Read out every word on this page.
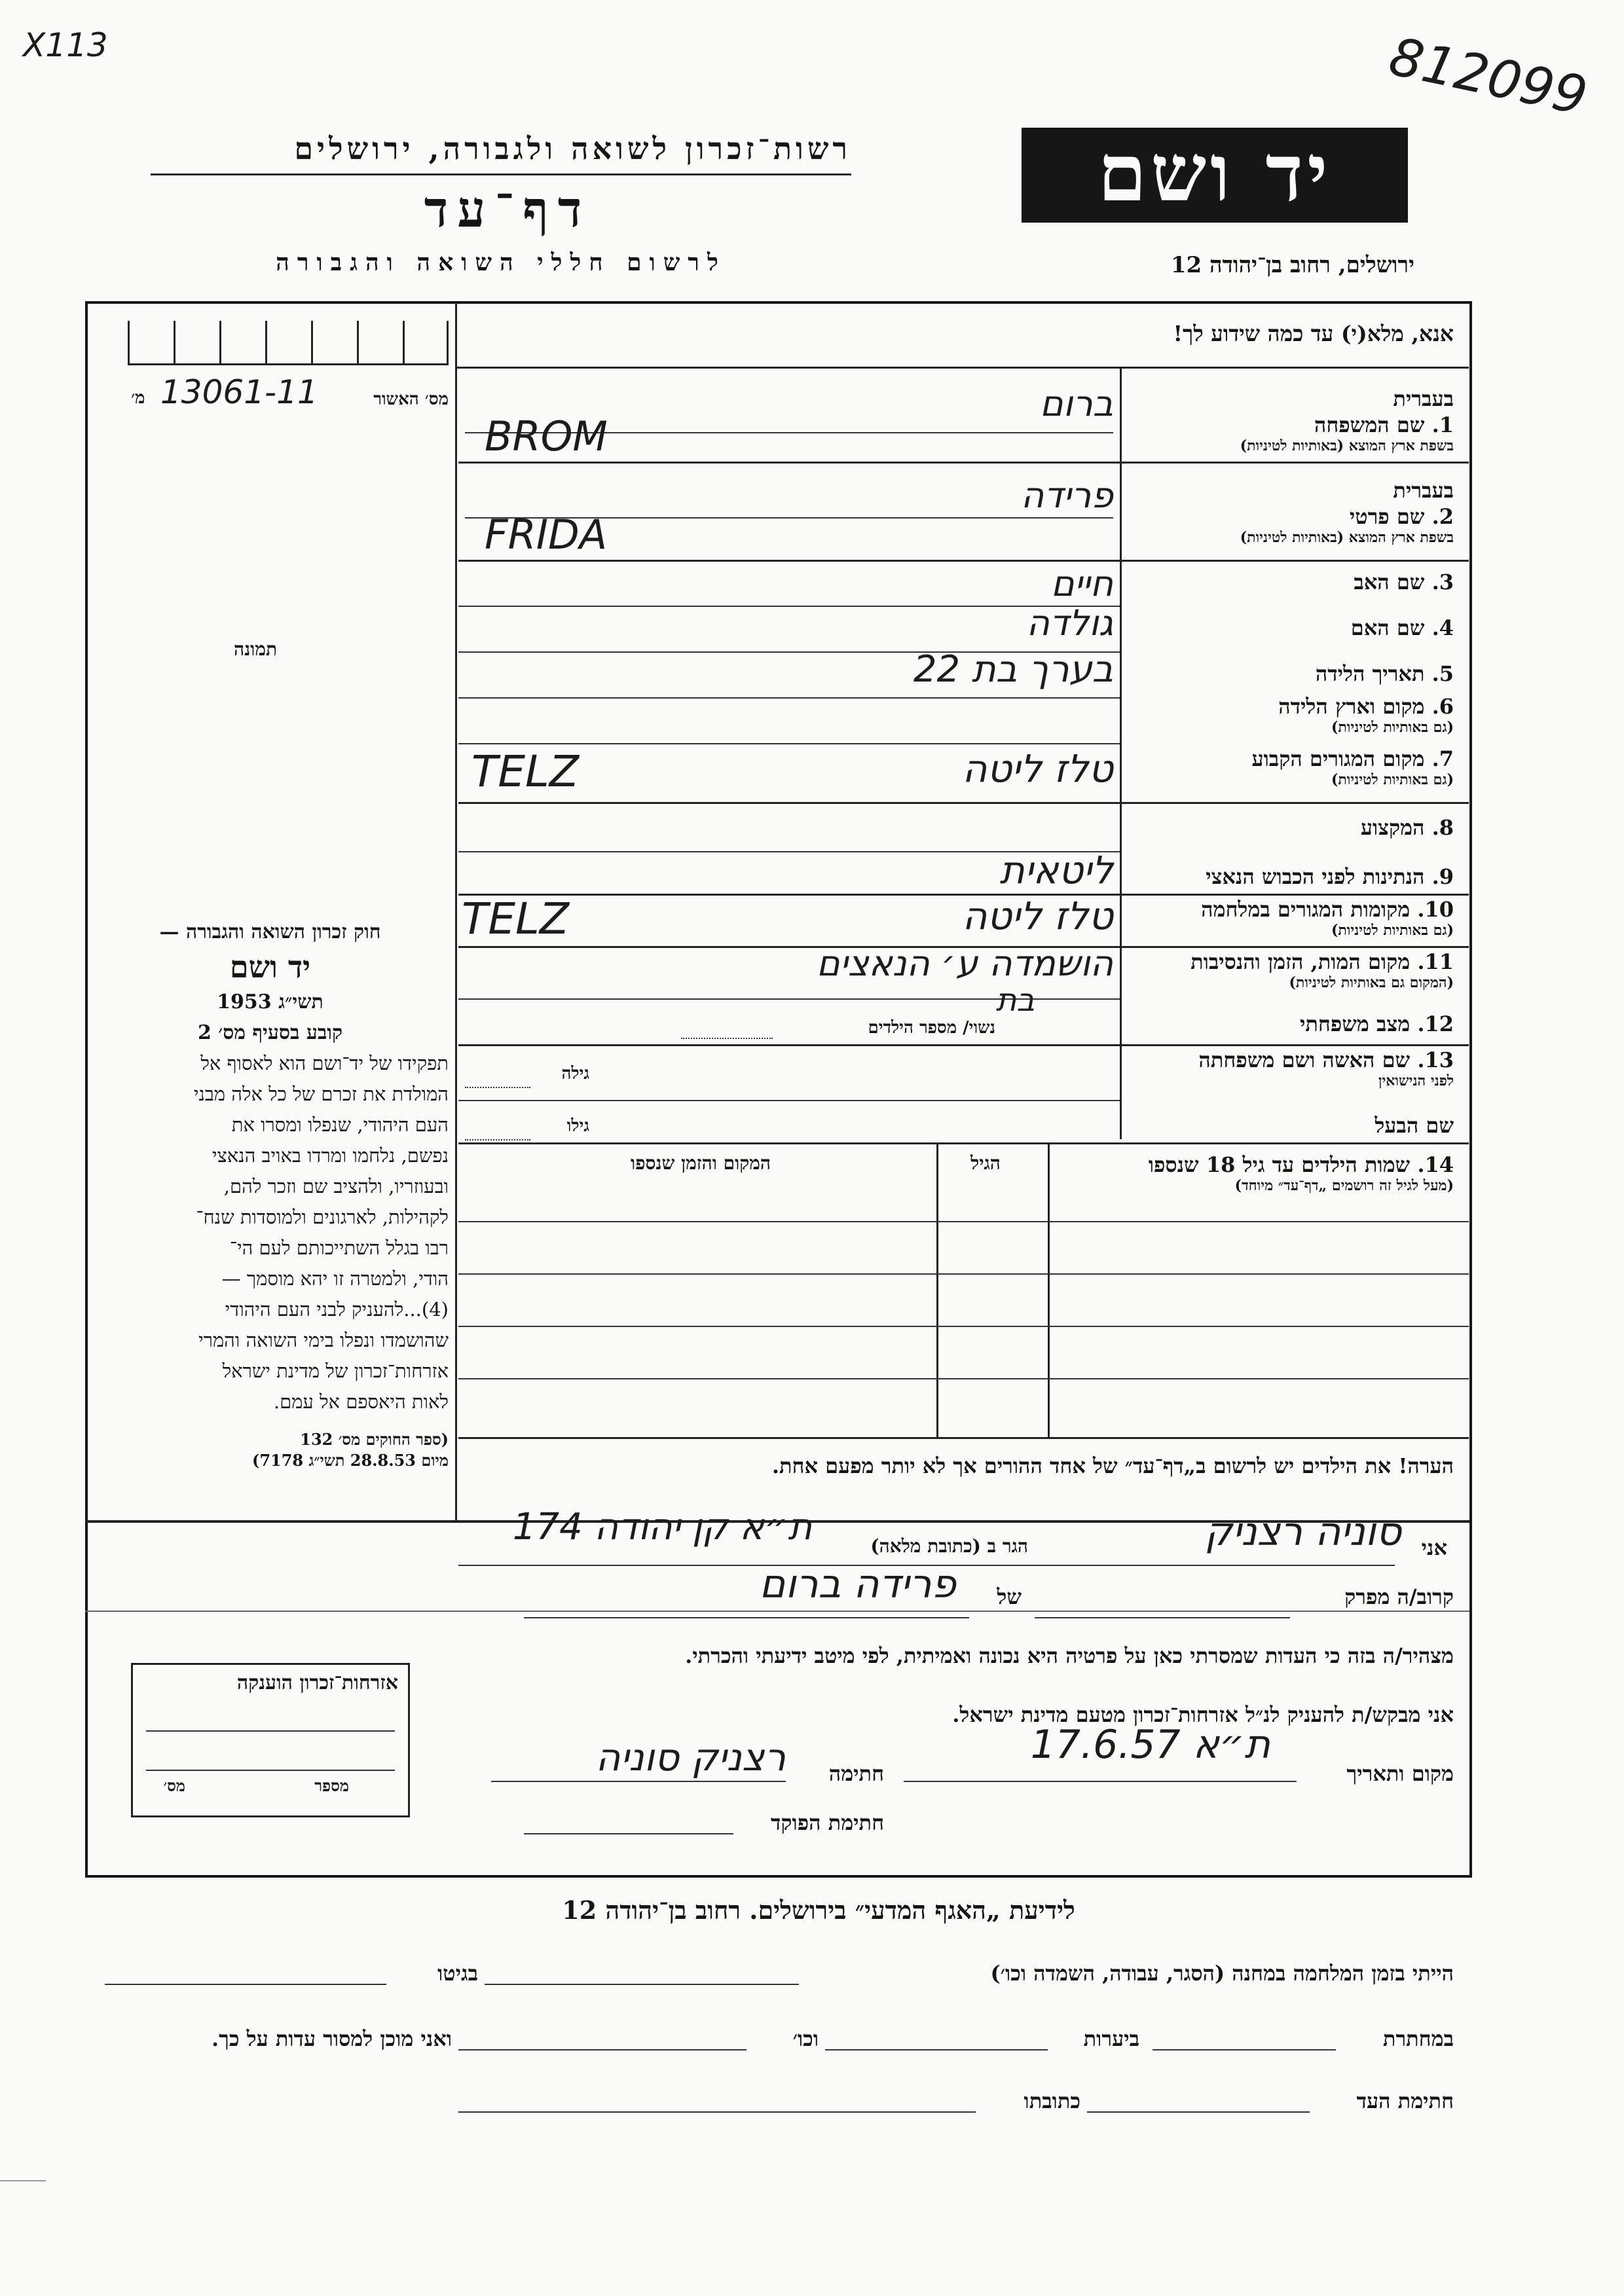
X113	812099
רשות־זכרון לשואה ולגבורה, ירושלים
דף־עד
לרשום חללי השואה והגבורה
יד ושם
ירושלים, רחוב בן־יהודה 12
מס׳ האשור
13061-11
מ׳
תמונה
אנא, מלא(י) עד כמה שידוע לך!
בעברית
1. שם המשפחה
בשפת ארץ המוצא (באותיות לטיניות)
ברום
BROM
בעברית
2. שם פרטי
בשפת ארץ המוצא (באותיות לטיניות)
פרידה
FRIDA
3. שם האב
חיים
4. שם האם
גולדה
5. תאריך הלידה
בערך בת 22
6. מקום וארץ הלידה
(גם באותיות לטיניות)
7. מקום המגורים הקבוע
(גם באותיות לטיניות)
טלז ליטה
TELZ
8. המקצוע
9. הנתינות לפני הכבוש הנאצי
ליטאית
10. מקומות המגורים במלחמה
(גם באותיות לטיניות)
טלז ליטה
TELZ
11. מקום המות, הזמן והנסיבות
(המקום גם באותיות לטיניות)
הושמדה ע׳ הנאצים
12. מצב משפחתי
בת
נשוי/ מספר הילדים
13. שם האשה ושם משפחתה
לפני הנישואין
גילה
שם הבעל
גילו
14. שמות הילדים עד גיל 18 שנספו
(מעל לגיל זה רושמים „דף־עד״ מיוחד)
הגיל
המקום והזמן שנספו
הערה! את הילדים יש לרשום ב„דף־עד״ של אחד ההורים אך לא יותר מפעם אחת.
חוק זכרון השואה והגבורה —
יד ושם
תשי״ג 1953
קובע בסעיף מס׳ 2
תפקידו של יד־ושם הוא לאסוף אל
המולדת את זכרם של כל אלה מבני
העם היהודי, שנפלו ומסרו את
נפשם, נלחמו ומרדו באויב הנאצי
ובעוזריו, ולהציב שם וזכר להם,
לקהילות, לארגונים ולמוסדות שנח־
רבו בגלל השתייכותם לעם הי־
הודי, ולמטרה זו יהא מוסמך —
(4)...להעניק לבני העם היהודי
שהושמדו ונפלו בימי השואה והמרי
אזרחות־זכרון של מדינת ישראל
לאות היאספם אל עמם.
(ספר החוקים מס׳ 132
מיום 28.8.53 תשי״ג 7178)
אני
סוניה רצניק
הגר ב (כתובת מלאה)
ת״א קן יהודה 174
קרוב/ה מפרק
של
פרידה ברום
מצהיר/ה בזה כי העדות שמסרתי כאן על פרטיה היא נכונה ואמיתית, לפי מיטב ידיעתי והכרתי.
אני מבקש/ת להעניק לנ״ל אזרחות־זכרון מטעם מדינת ישראל.
מקום ותאריך
ת״א 17.6.57
חתימה
רצניק סוניה
חתימת הפוקד
אזרחות־זכרון הוענקה
מספר
מס׳
לידיעת „האגף המדעי״ בירושלים. רחוב בן־יהודה 12
הייתי בזמן המלחמה במחנה (הסגר, עבודה, השמדה וכו׳)
בגיטו
במחתרת
ביערות
וכו׳
ואני מוכן למסור עדות על כך.
חתימת העד
כתובתו
